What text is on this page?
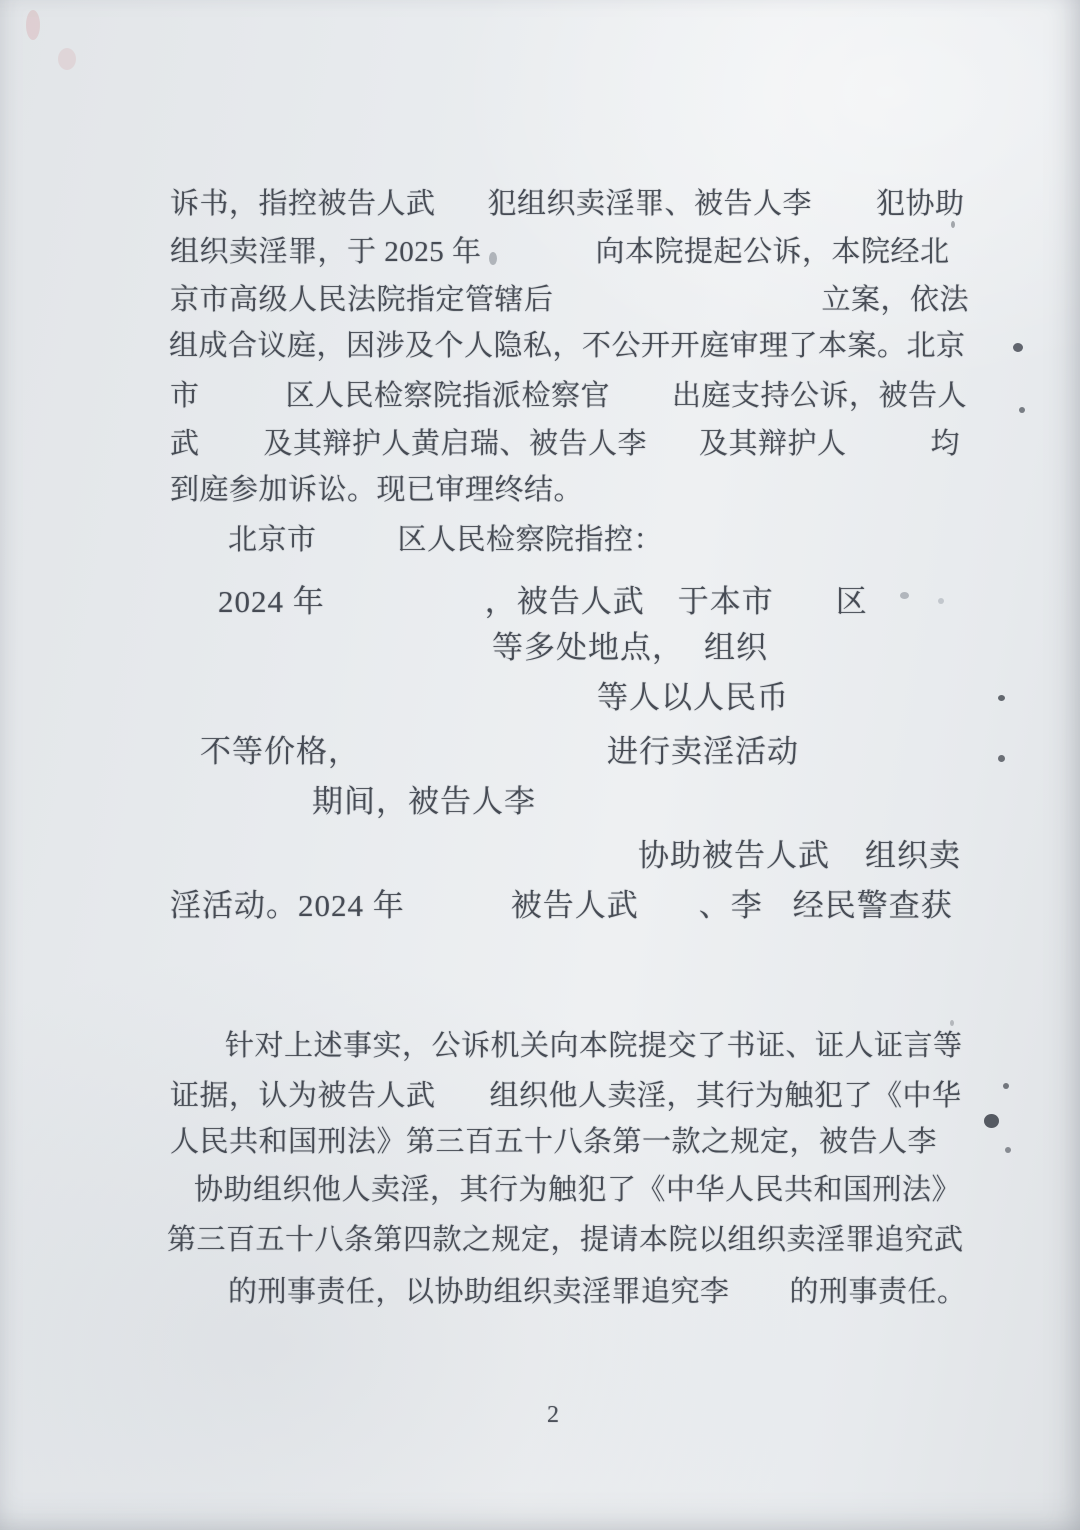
2
诉书，指控被告人武 犯组织卖淫罪、被告人李 犯协助
组织卖淫罪，于 2025 年	向本院提起公诉，本院经北
京市高级人民法院指定管辖后	立案，依法
组成合议庭，因涉及个人隐私，不公开开庭审理了本案。北京
市	区人民检察院指派检察官 出庭支持公诉，被告人
武 及其辩护人黄启瑞、被告人李 及其辩护人	均
到庭参加诉讼。现已审理终结。
北京市	区人民检察院指控：
2024 年	，被告人武 于本市 区
等多处地点， 组织
等人以人民币
不等价格，	进行卖淫活动
期间，被告人李
协助被告人武 组织卖
淫活动。2024 年	被告人武 、李 经民警查获
针对上述事实，公诉机关向本院提交了书证、证人证言等
证据，认为被告人武 组织他人卖淫，其行为触犯了《中华
人民共和国刑法》第三百五十八条第一款之规定，被告人李
协助组织他人卖淫，其行为触犯了《中华人民共和国刑法》
第三百五十八条第四款之规定，提请本院以组织卖淫罪追究武
的刑事责任，以协助组织卖淫罪追究李 的刑事责任。
